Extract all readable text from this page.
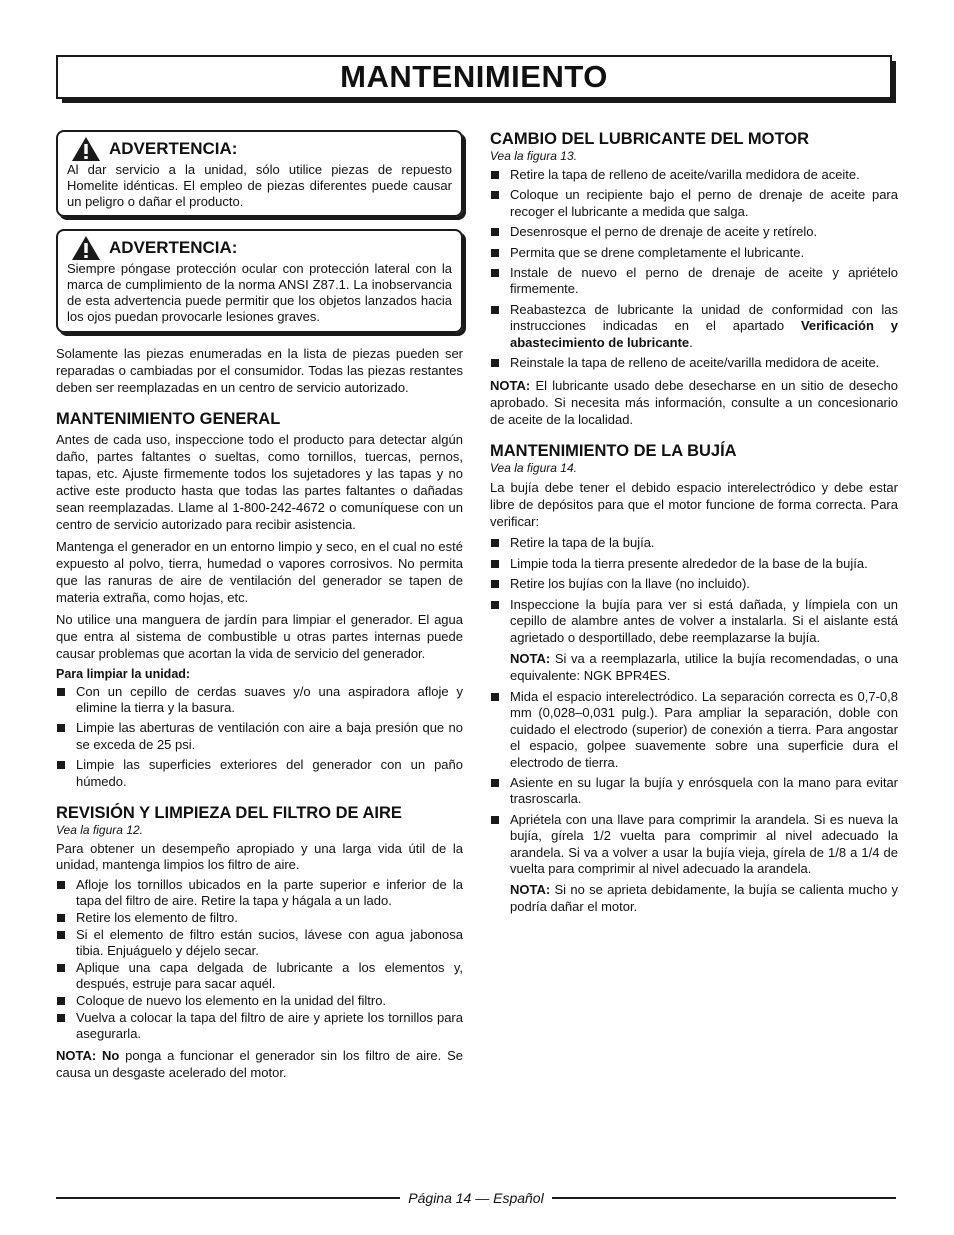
MANTENIMIENTO
ADVERTENCIA:

Al dar servicio a la unidad, sólo utilice piezas de repuesto Homelite idénticas. El empleo de piezas diferentes puede causar un peligro o dañar el producto.

ADVERTENCIA:

Siempre póngase protección ocular con protección lateral con la marca de cumplimiento de la norma ANSI Z87.1. La inobservancia de esta advertencia puede permitir que los objetos lanzados hacia los ojos puedan provocarle lesiones graves.

Solamente las piezas enumeradas en la lista de piezas pueden ser reparadas o cambiadas por el consumidor. Todas las piezas restantes deben ser reemplazadas en un centro de servicio autorizado.

MANTENIMIENTO GENERAL

Antes de cada uso, inspeccione todo el producto para detectar algún daño, partes faltantes o sueltas, como tornillos, tuercas, pernos, tapas, etc. Ajuste firmemente todos los sujetadores y las tapas y no active este producto hasta que todas las partes faltantes o dañadas sean reemplazadas. Llame al 1-800-242-4672 o comuníquese con un centro de servicio autorizado para recibir asistencia.

Mantenga el generador en un entorno limpio y seco, en el cual no esté expuesto al polvo, tierra, humedad o vapores corrosivos. No permita que las ranuras de aire de ventilación del generador se tapen de materia extraña, como hojas, etc.

No utilice una manguera de jardín para limpiar el generador. El agua que entra al sistema de combustible u otras partes internas puede causar problemas que acortan la vida de servicio del generador.

Para limpiar la unidad:
Con un cepillo de cerdas suaves y/o una aspiradora afloje y elimine la tierra y la basura.
Limpie las aberturas de ventilación con aire a baja presión que no se exceda de 25 psi.
Limpie las superficies exteriores del generador con un paño húmedo.
REVISIÓN Y LIMPIEZA DEL FILTRO DE AIRE
Vea la figura 12.

Para obtener un desempeño apropiado y una larga vida útil de la unidad, mantenga limpios los filtro de aire.

Afloje los tornillos ubicados en la parte superior e inferior de la tapa del filtro de aire. Retire la tapa y hágala a un lado.
Retire los elemento de filtro.
Si el elemento de filtro están sucios, lávese con agua jabonosa tibia. Enjuáguelo y déjelo secar.
Aplique una capa delgada de lubricante a los elementos y, después, estruje para sacar aquél.
Coloque de nuevo los elemento en la unidad del filtro.
Vuelva a colocar la tapa del filtro de aire y apriete los tornillos para asegurarla.

NOTA: No ponga a funcionar el generador sin los filtro de aire. Se causa un desgaste acelerado del motor.

CAMBIO DEL LUBRICANTE DEL MOTOR
Vea la figura 13.
Retire la tapa de relleno de aceite/varilla medidora de aceite.
Coloque un recipiente bajo el perno de drenaje de aceite para recoger el lubricante a medida que salga.
Desenrosque el perno de drenaje de aceite y retírelo.
Permita que se drene completamente el lubricante.
Instale de nuevo el perno de drenaje de aceite y apriételo firmemente.
Reabastezca de lubricante la unidad de conformidad con las instrucciones indicadas en el apartado Verificación y abastecimiento de lubricante.
Reinstale la tapa de relleno de aceite/varilla medidora de aceite.

NOTA: El lubricante usado debe desecharse en un sitio de desecho aprobado. Si necesita más información, consulte a un concesionario de aceite de la localidad.

MANTENIMIENTO DE LA BUJÍA
Vea la figura 14.

La bujía debe tener el debido espacio interelectródico y debe estar libre de depósitos para que el motor funcione de forma correcta. Para verificar:

Retire la tapa de la bujía.
Limpie toda la tierra presente alrededor de la base de la bujía.
Retire los bujías con la llave (no incluido).
Inspeccione la bujía para ver si está dañada, y límpiela con un cepillo de alambre antes de volver a instalarla. Si el aislante está agrietado o desportillado, debe reemplazarse la bujía.

NOTA: Si va a reemplazarla, utilice la bujía recomendadas, o una equivalente: NGK BPR4ES.

Mida el espacio interelectródico. La separación correcta es 0,7-0,8 mm (0,028–0,031 pulg.). Para ampliar la separación, doble con cuidado el electrodo (superior) de conexión a tierra. Para angostar el espacio, golpee suavemente sobre una superficie dura el electrodo de tierra.
Asiente en su lugar la bujía y enrósquela con la mano para evitar trasroscarla.
Apriétela con una llave para comprimir la arandela. Si es nueva la bujía, gírela 1/2 vuelta para comprimir al nivel adecuado la arandela. Si va a volver a usar la bujía vieja, gírela de 1/8 a 1/4 de vuelta para comprimir al nivel adecuado la arandela.

NOTA: Si no se aprieta debidamente, la bujía se calienta mucho y podría dañar el motor.

Página 14 — Español
